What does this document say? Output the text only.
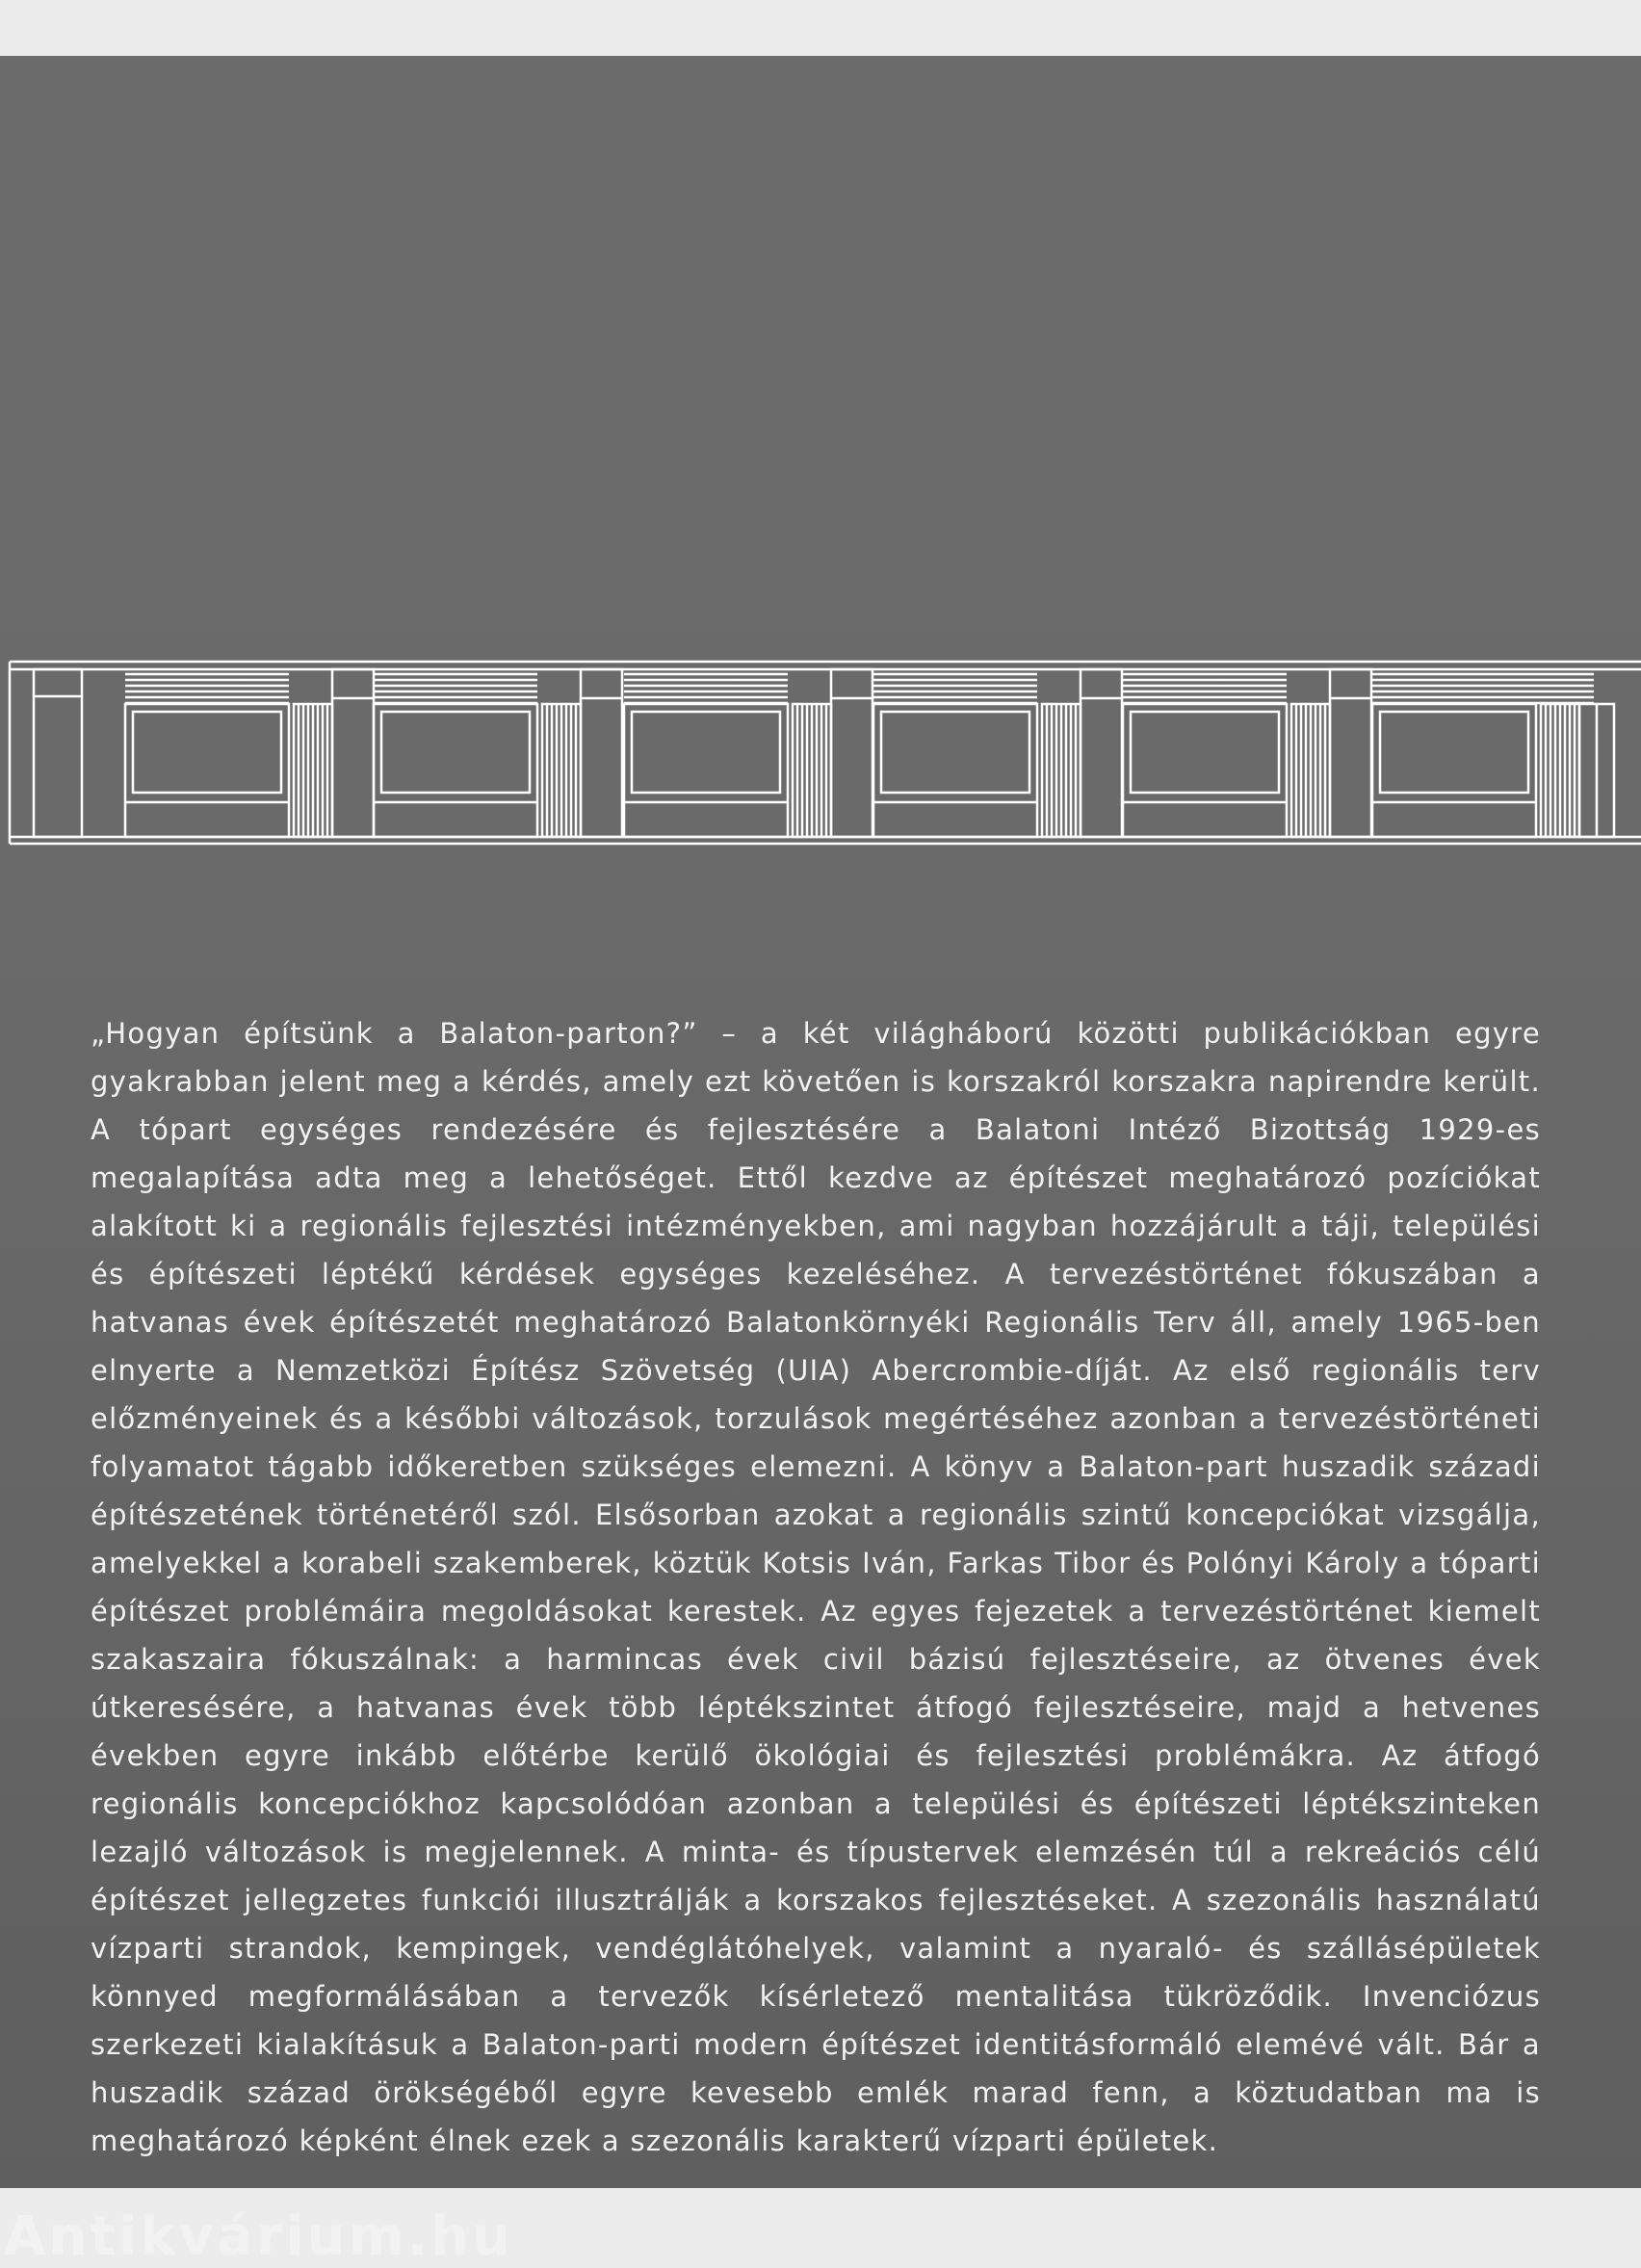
„Hogyan építsünk a Balaton-parton?” – a két világháború közötti publikációkban egyre gyakrabban jelent meg a kérdés, amely ezt követően is korszakról korszakra napirendre került. A tópart egységes rendezésére és fejlesztésére a Balatoni Intéző Bizottság 1929-es megalapítása adta meg a lehetőséget. Ettől kezdve az építészet meghatározó pozíciókat alakított ki a regionális fejlesztési intézményekben, ami nagyban hozzájárult a táji, települési és építészeti léptékű kérdések egységes kezeléséhez. A tervezéstörténet fókuszában a hatvanas évek építészetét meghatározó Balatonkörnyéki Regionális Terv áll, amely 1965-ben elnyerte a Nemzetközi Építész Szövetség (UIA) Abercrombie-díját. Az első regionális terv előzményeinek és a későbbi változások, torzulások megértéséhez azonban a tervezéstörténeti folyamatot tágabb időkeretben szükséges elemezni. A könyv a Balaton-part huszadik századi építészetének történetéről szól. Elsősorban azokat a regionális szintű koncepciókat vizsgálja, amelyekkel a korabeli szakemberek, köztük Kotsis Iván, Farkas Tibor és Polónyi Károly a tóparti építészet problémáira megoldásokat kerestek. Az egyes fejezetek a tervezéstörténet kiemelt szakaszaira fókuszálnak: a harmincas évek civil bázisú fejlesztéseire, az ötvenes évek útkeresésére, a hatvanas évek több léptékszintet átfogó fejlesztéseire, majd a hetvenes években egyre inkább előtérbe kerülő ökológiai és fejlesztési problémákra. Az átfogó regionális koncepciókhoz kapcsolódóan azonban a települési és építészeti léptékszinteken lezajló változások is megjelennek. A minta- és típustervek elemzésén túl a rekreációs célú építészet jellegzetes funkciói illusztrálják a korszakos fejlesztéseket. A szezonális használatú vízparti strandok, kempingek, vendéglátóhelyek, valamint a nyaraló- és szállásépületek könnyed megformálásában a tervezők kísérletező mentalitása tükröződik. Invenciózus szerkezeti kialakításuk a Balaton-parti modern építészet identitásformáló elemévé vált. Bár a huszadik század örökségéből egyre kevesebb emlék marad fenn, a köztudatban ma is meghatározó képként élnek ezek a szezonális karakterű vízparti épületek.

Antikvárium.hu
